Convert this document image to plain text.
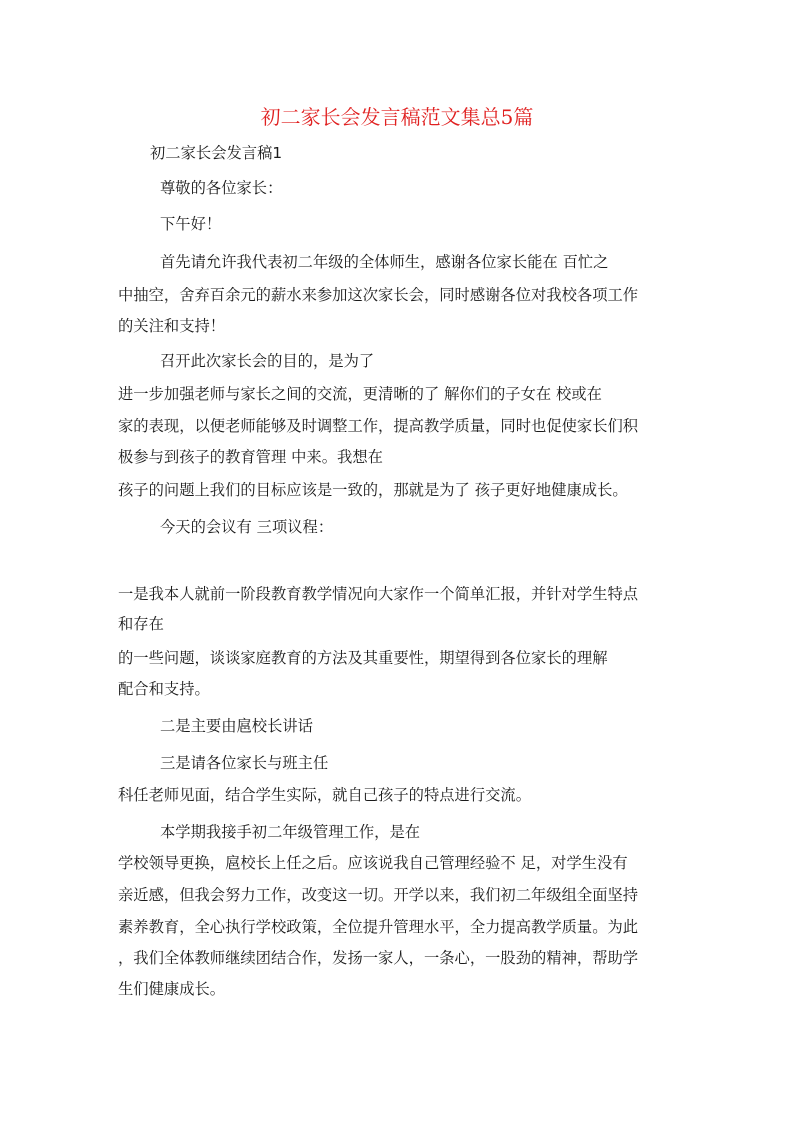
初二家长会发言稿范文集总5篇
初二家长会发言稿1
尊敬的各位家长：
下午好！
首先请允许我代表初二年级的全体师生，感谢各位家长能在 百忙之
中抽空，舍弃百余元的薪水来参加这次家长会，同时感谢各位对我校各项工作
的关注和支持！
召开此次家长会的目的，是为了
进一步加强老师与家长之间的交流，更清晰的了 解你们的子女在 校或在
家的表现，以便老师能够及时调整工作，提高教学质量，同时也促使家长们积
极参与到孩子的教育管理 中来。我想在
孩子的问题上我们的目标应该是一致的，那就是为了 孩子更好地健康成长。
今天的会议有 三项议程：
一是我本人就前一阶段教育教学情况向大家作一个简单汇报，并针对学生特点
和存在
的一些问题，谈谈家庭教育的方法及其重要性，期望得到各位家长的理解
配合和支持。
二是主要由扈校长讲话
三是请各位家长与班主任
科任老师见面，结合学生实际，就自己孩子的特点进行交流。
本学期我接手初二年级管理工作，是在
学校领导更换，扈校长上任之后。应该说我自己管理经验不 足，对学生没有
亲近感，但我会努力工作，改变这一切。开学以来，我们初二年级组全面坚持
素养教育，全心执行学校政策，全位提升管理水平，全力提高教学质量。为此
，我们全体教师继续团结合作，发扬一家人，一条心，一股劲的精神，帮助学
生们健康成长。
